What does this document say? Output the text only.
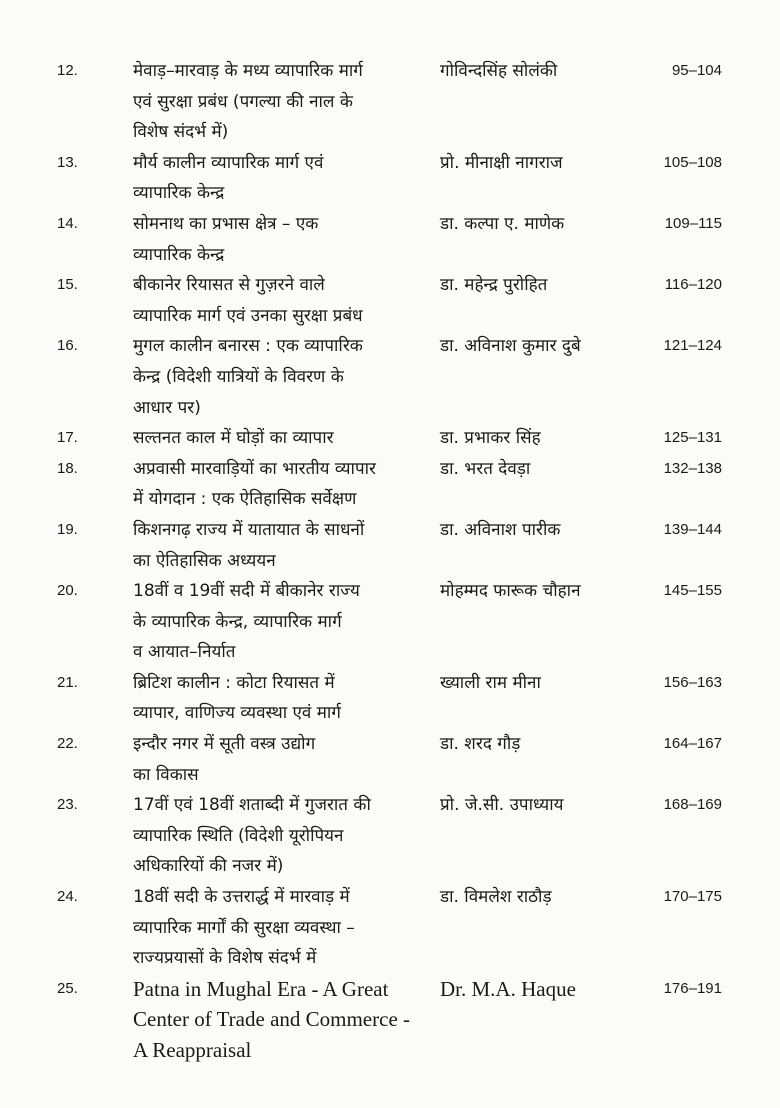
12.	मेवाड़–मारवाड़ के मध्य व्यापारिक मार्ग
एवं सुरक्षा प्रबंध (पगल्या की नाल के
विशेष संदर्भ में)
गोविन्दसिंह सोलंकी	95–104
13.	मौर्य कालीन व्यापारिक मार्ग एवं
व्यापारिक केन्द्र
प्रो. मीनाक्षी नागराज	105–108
14.	सोमनाथ का प्रभास क्षेत्र – एक
व्यापारिक केन्द्र
डा. कल्पा ए. माणेक	109–115
15.	बीकानेर रियासत से गुज़रने वाले
व्यापारिक मार्ग एवं उनका सुरक्षा प्रबंध
डा. महेन्द्र पुरोहित	116–120
16.	मुगल कालीन बनारस : एक व्यापारिक
केन्द्र (विदेशी यात्रियों के विवरण के
आधार पर)
डा. अविनाश कुमार दुबे	121–124
17.	सल्तनत काल में घोड़ों का व्यापार	डा. प्रभाकर सिंह	125–131
18.	अप्रवासी मारवाड़ियों का भारतीय व्यापार
में योगदान : एक ऐतिहासिक सर्वेक्षण
डा. भरत देवड़ा	132–138
19.	किशनगढ़ राज्य में यातायात के साधनों
का ऐतिहासिक अध्ययन
डा. अविनाश पारीक	139–144
20.	18वीं व 19वीं सदी में बीकानेर राज्य
के व्यापारिक केन्द्र, व्यापारिक मार्ग
व आयात–निर्यात
मोहम्मद फारूक चौहान	145–155
21.	ब्रिटिश कालीन : कोटा रियासत में
व्यापार, वाणिज्य व्यवस्था एवं मार्ग
ख्याली राम मीना	156–163
22.	इन्दौर नगर में सूती वस्त्र उद्योग
का विकास
डा. शरद गौड़	164–167
23.	17वीं एवं 18वीं शताब्दी में गुजरात की
व्यापारिक स्थिति (विदेशी यूरोपियन
अधिकारियों की नजर में)
प्रो. जे.सी. उपाध्याय	168–169
24.	18वीं सदी के उत्तरार्द्ध में मारवाड़ में
व्यापारिक मार्गों की सुरक्षा व्यवस्था –
राज्यप्रयासों के विशेष संदर्भ में
डा. विमलेश राठौड़	170–175
25.	Patna in Mughal Era - A Great
Center of Trade and Commerce -
A Reappraisal
Dr. M.A. Haque	176–191
